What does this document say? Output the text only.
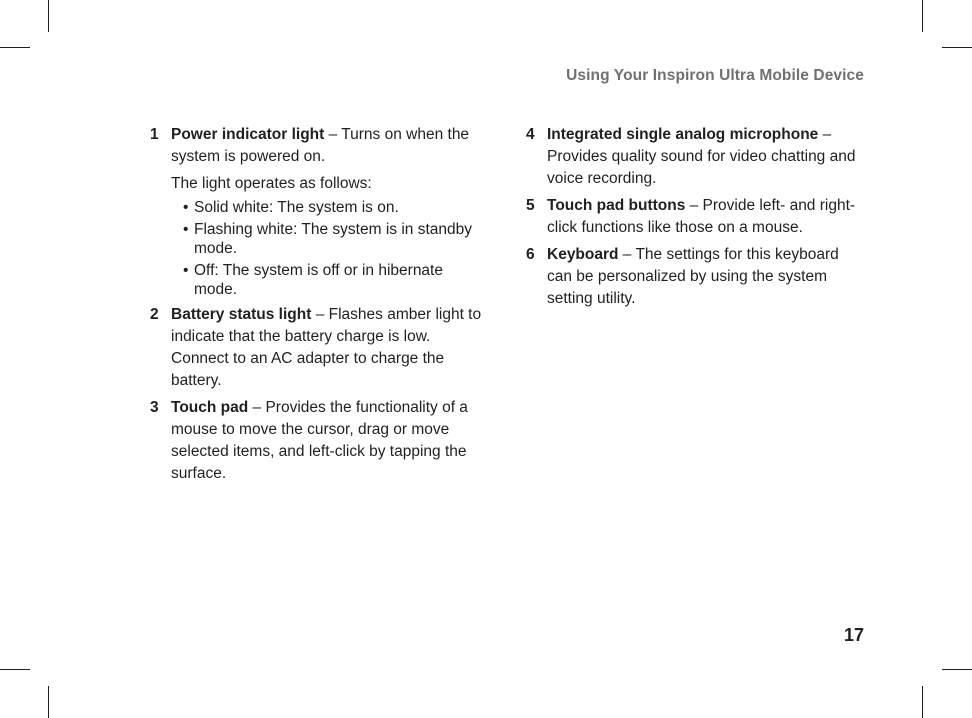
Using Your Inspiron Ultra Mobile Device
1 Power indicator light – Turns on when the system is powered on.

The light operates as follows:

• Solid white: The system is on.
• Flashing white: The system is in standby mode.
• Off: The system is off or in hibernate mode.
2 Battery status light – Flashes amber light to indicate that the battery charge is low. Connect to an AC adapter to charge the battery.

3 Touch pad – Provides the functionality of a mouse to move the cursor, drag or move selected items, and left-click by tapping the surface.

4 Integrated single analog microphone – Provides quality sound for video chatting and voice recording.

5 Touch pad buttons – Provide left- and right-click functions like those on a mouse.

6 Keyboard – The settings for this keyboard can be personalized by using the system setting utility.

17
